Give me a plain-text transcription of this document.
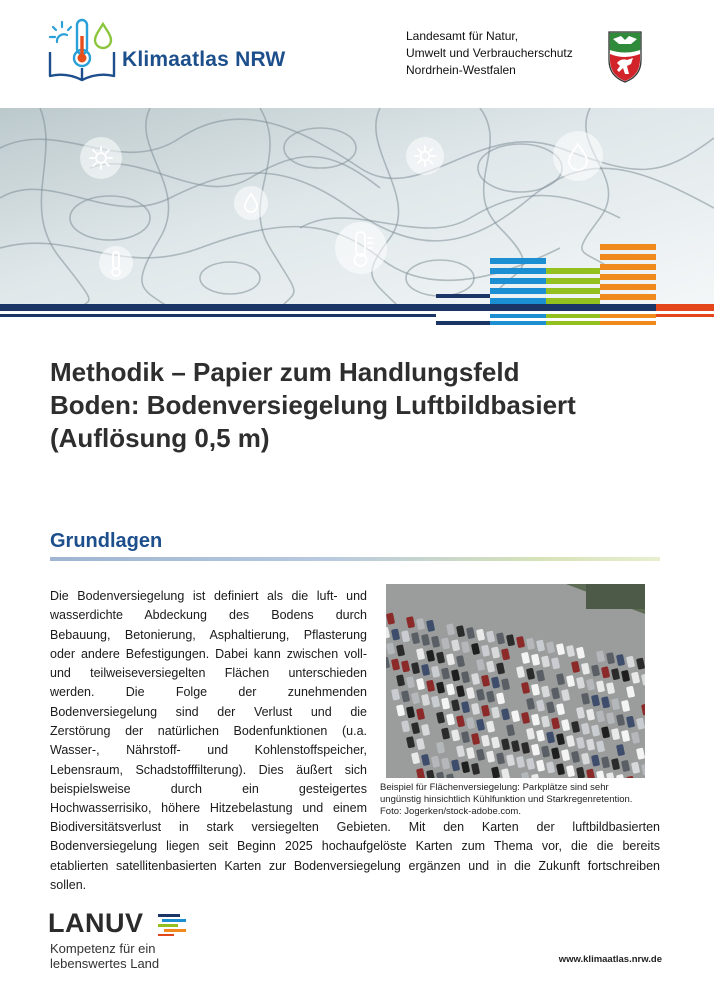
Klimaatlas NRW
Landesamt für Natur,
Umwelt und Verbraucherschutz
Nordrhein-Westfalen
Methodik – Papier zum Handlungsfeld
Boden: Bodenversiegelung Luftbildbasiert
(Auflösung 0,5 m)
Grundlagen
Beispiel für Flächenversiegelung: Parkplätze sind sehr
ungünstig hinsichtlich Kühlfunktion und Starkregenretention.
Foto: Jogerken/stock-adobe.com.
Die Bodenversiegelung ist definiert als die luft- und
wasserdichte Abdeckung des Bodens durch
Bebauung, Betonierung, Asphaltierung, Pflasterung
oder andere Befestigungen. Dabei kann zwischen voll-
und teilweiseversiegelten Flächen unterschieden
werden. Die Folge der zunehmenden
Bodenversiegelung sind der Verlust und die
Zerstörung der natürlichen Bodenfunktionen (u.a.
Wasser-, Nährstoff- und Kohlenstoffspeicher,
Lebensraum, Schadstofffilterung). Dies äußert sich
beispielsweise durch ein gesteigertes
Hochwasserrisiko, höhere Hitzebelastung und einem
Biodiversitätsverlust in stark versiegelten Gebieten. Mit den Karten der luftbildbasierten
Bodenversiegelung liegen seit Beginn 2025 hochaufgelöste Karten zum Thema vor, die die bereits
etablierten satellitenbasierten Karten zur Bodenversiegelung ergänzen und in die Zukunft fortschreiben
sollen.
LANUV
Kompetenz für ein
lebenswertes Land	www.klimaatlas.nrw.de
